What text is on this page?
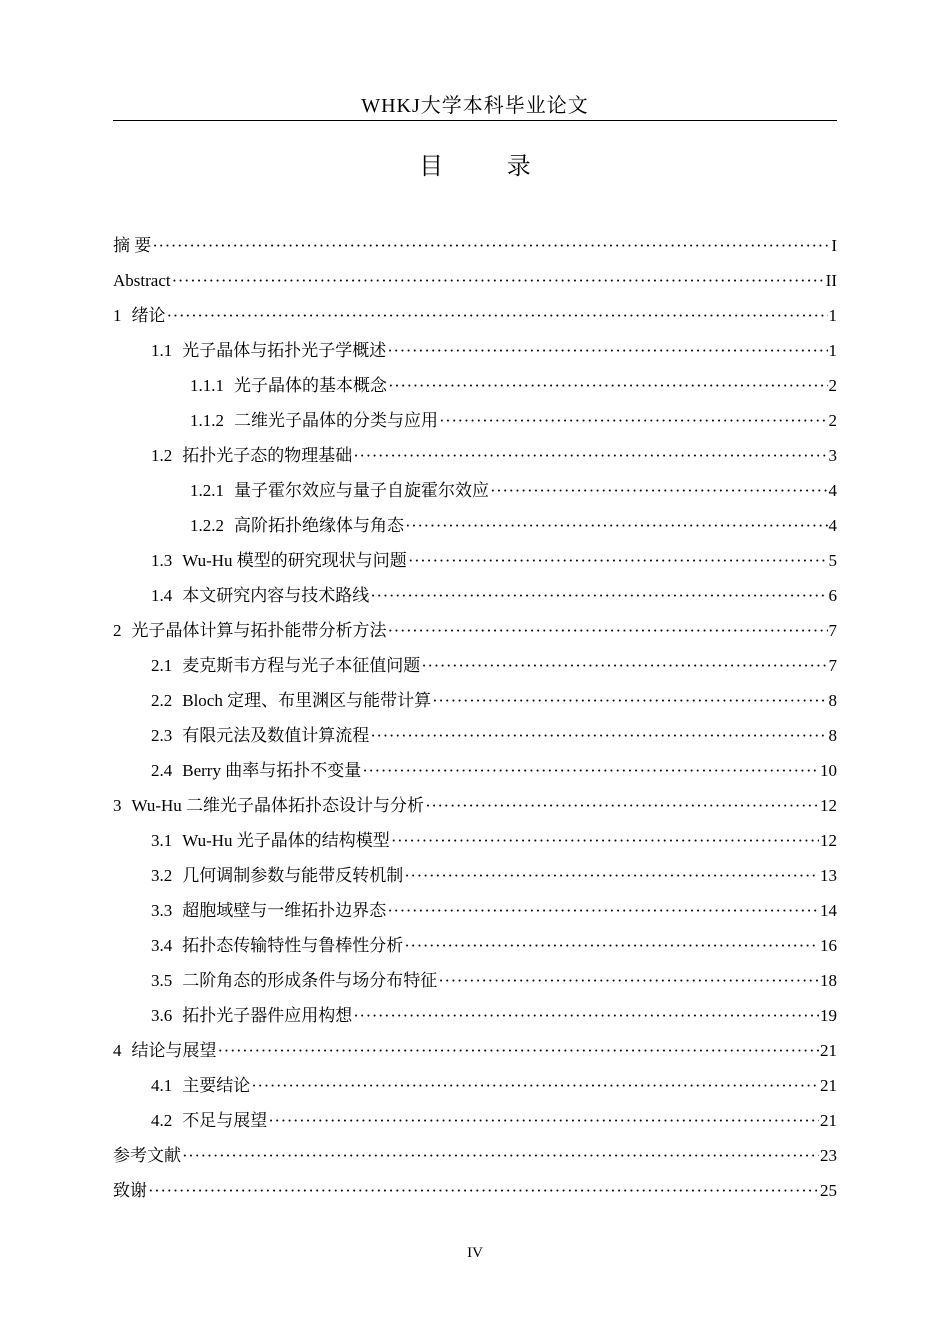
WHKJ大学本科毕业论文
目 录
摘 要 ·····	I
Abstract ·····	II
1 绪论 ·····	1
1.1 光子晶体与拓扑光子学概述 ·····	1
1.1.1 光子晶体的基本概念 ·····	2
1.1.2 二维光子晶体的分类与应用 ·····	2
1.2 拓扑光子态的物理基础 ·····	3
1.2.1 量子霍尔效应与量子自旋霍尔效应 ·····	4
1.2.2 高阶拓扑绝缘体与角态 ·····	4
1.3 Wu-Hu 模型的研究现状与问题 ·····	5
1.4 本文研究内容与技术路线 ·····	6
2 光子晶体计算与拓扑能带分析方法 ·····	7
2.1 麦克斯韦方程与光子本征值问题 ·····	7
2.2 Bloch 定理、布里渊区与能带计算 ·····	8
2.3 有限元法及数值计算流程 ·····	8
2.4 Berry 曲率与拓扑不变量 ·····	10
3 Wu-Hu 二维光子晶体拓扑态设计与分析 ·····	12
3.1 Wu-Hu 光子晶体的结构模型 ·····	12
3.2 几何调制参数与能带反转机制 ·····	13
3.3 超胞域壁与一维拓扑边界态 ·····	14
3.4 拓扑态传输特性与鲁棒性分析 ·····	16
3.5 二阶角态的形成条件与场分布特征 ·····	18
3.6 拓扑光子器件应用构想 ·····	19
4 结论与展望 ·····	21
4.1 主要结论 ·····	21
4.2 不足与展望 ·····	21
参考文献 ·····	23
致谢 ·····	25
IV
